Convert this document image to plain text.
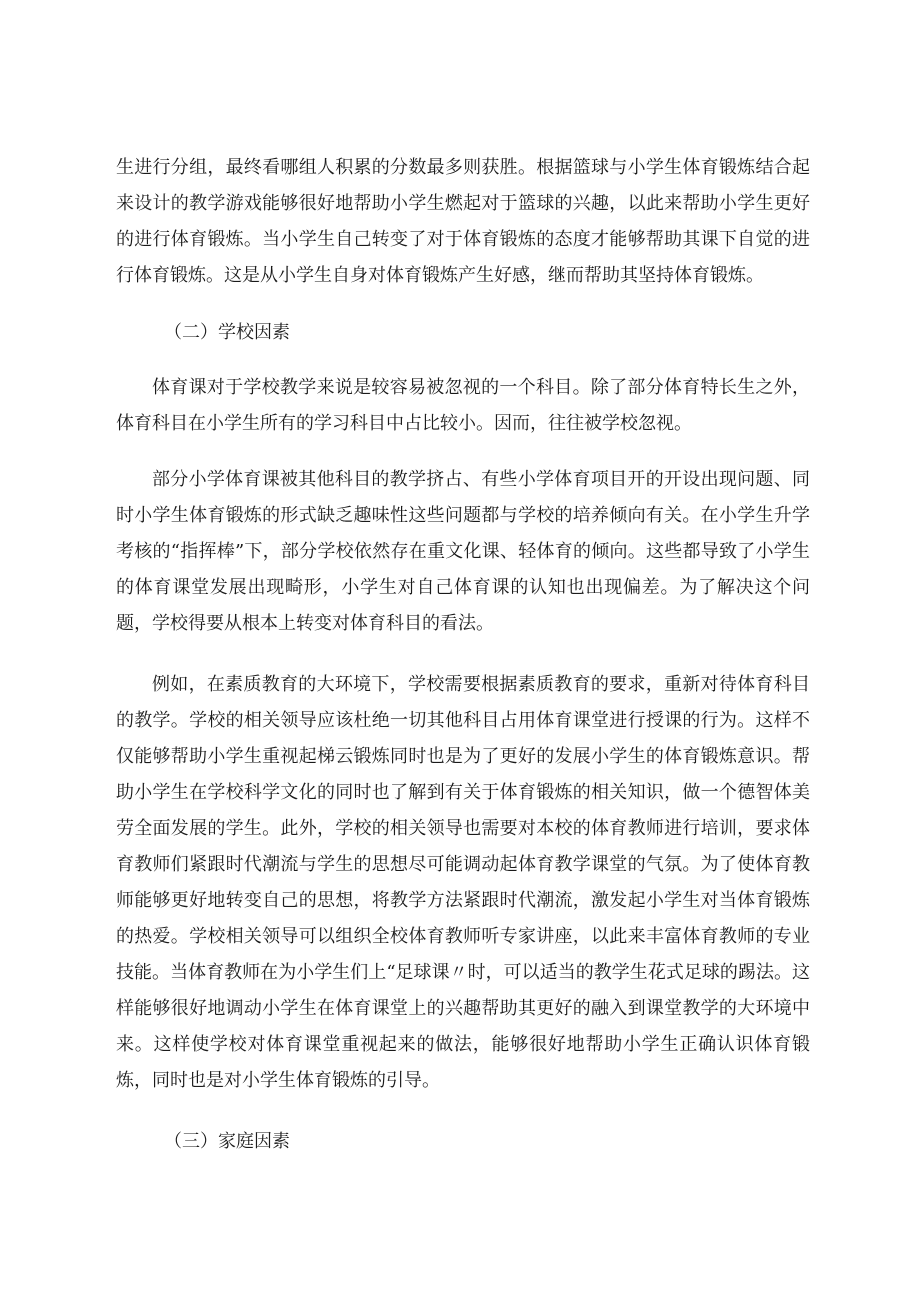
生进行分组，最终看哪组人积累的分数最多则获胜。根据篮球与小学生体育锻炼结合起来设计的教学游戏能够很好地帮助小学生燃起对于篮球的兴趣，以此来帮助小学生更好的进行体育锻炼。当小学生自己转变了对于体育锻炼的态度才能够帮助其课下自觉的进行体育锻炼。这是从小学生自身对体育锻炼产生好感，继而帮助其坚持体育锻炼。

（二）学校因素

体育课对于学校教学来说是较容易被忽视的一个科目。除了部分体育特长生之外，体育科目在小学生所有的学习科目中占比较小。因而，往往被学校忽视。

部分小学体育课被其他科目的教学挤占、有些小学体育项目开的开设出现问题、同时小学生体育锻炼的形式缺乏趣味性这些问题都与学校的培养倾向有关。在小学生升学考核的“指挥棒”下，部分学校依然存在重文化课、轻体育的倾向。这些都导致了小学生的体育课堂发展出现畸形，小学生对自己体育课的认知也出现偏差。为了解决这个问题，学校得要从根本上转变对体育科目的看法。

例如，在素质教育的大环境下，学校需要根据素质教育的要求，重新对待体育科目的教学。学校的相关领导应该杜绝一切其他科目占用体育课堂进行授课的行为。这样不仅能够帮助小学生重视起梯云锻炼同时也是为了更好的发展小学生的体育锻炼意识。帮助小学生在学校科学文化的同时也了解到有关于体育锻炼的相关知识，做一个德智体美劳全面发展的学生。此外，学校的相关领导也需要对本校的体育教师进行培训，要求体育教师们紧跟时代潮流与学生的思想尽可能调动起体育教学课堂的气氛。为了使体育教师能够更好地转变自己的思想，将教学方法紧跟时代潮流，激发起小学生对当体育锻炼的热爱。学校相关领导可以组织全校体育教师听专家讲座，以此来丰富体育教师的专业技能。当体育教师在为小学生们上“足球课〃时，可以适当的教学生花式足球的踢法。这样能够很好地调动小学生在体育课堂上的兴趣帮助其更好的融入到课堂教学的大环境中来。这样使学校对体育课堂重视起来的做法，能够很好地帮助小学生正确认识体育锻炼，同时也是对小学生体育锻炼的引导。

（三）家庭因素
